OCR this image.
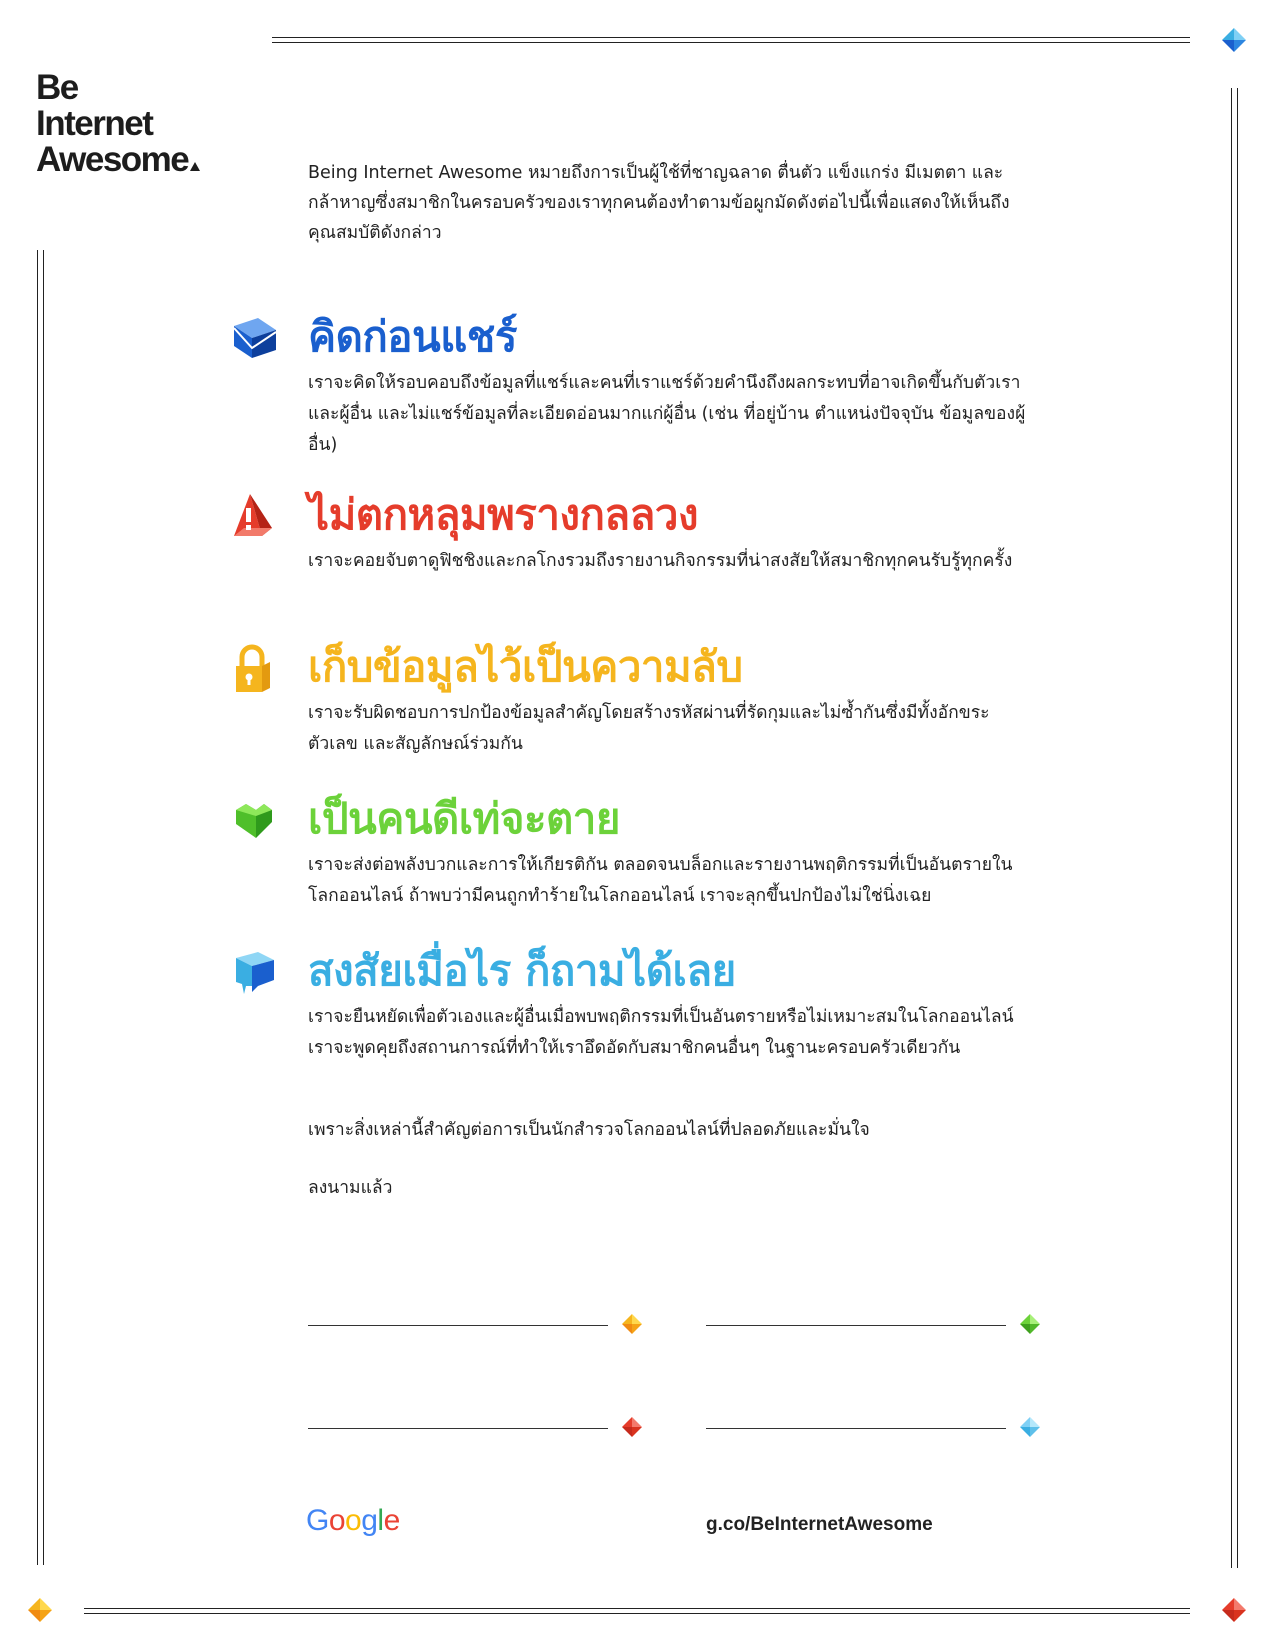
Be
Internet
Awesome	Being Internet Awesome หมายถึงการเป็นผู้ใช้ที่ชาญฉลาด ตื่นตัว แข็งแกร่ง มีเมตตา และกล้าหาญซึ่งสมาชิกในครอบครัวของเราทุกคนต้องทำตามข้อผูกมัดดังต่อไปนี้เพื่อแสดงให้เห็นถึงคุณสมบัติดังกล่าว

คิดก่อนแชร์

เราจะคิดให้รอบคอบถึงข้อมูลที่แชร์และคนที่เราแชร์ด้วยคำนึงถึงผลกระทบที่อาจเกิดขึ้นกับตัวเราและผู้อื่น และไม่แชร์ข้อมูลที่ละเอียดอ่อนมากแก่ผู้อื่น (เช่น ที่อยู่บ้าน ตำแหน่งปัจจุบัน ข้อมูลของผู้อื่น)

ไม่ตกหลุมพรางกลลวง

เราจะคอยจับตาดูฟิชชิงและกลโกงรวมถึงรายงานกิจกรรมที่น่าสงสัยให้สมาชิกทุกคนรับรู้ทุกครั้ง

เก็บข้อมูลไว้เป็นความลับ

เราจะรับผิดชอบการปกป้องข้อมูลสำคัญโดยสร้างรหัสผ่านที่รัดกุมและไม่ซ้ำกันซึ่งมีทั้งอักขระตัวเลข และสัญลักษณ์ร่วมกัน

เป็นคนดีเท่จะตาย

เราจะส่งต่อพลังบวกและการให้เกียรติกัน ตลอดจนบล็อกและรายงานพฤติกรรมที่เป็นอันตรายในโลกออนไลน์ ถ้าพบว่ามีคนถูกทำร้ายในโลกออนไลน์ เราจะลุกขึ้นปกป้องไม่ใช่นิ่งเฉย

สงสัยเมื่อไร ก็ถามได้เลย

เราจะยืนหยัดเพื่อตัวเองและผู้อื่นเมื่อพบพฤติกรรมที่เป็นอันตรายหรือไม่เหมาะสมในโลกออนไลน์ เราจะพูดคุยถึงสถานการณ์ที่ทำให้เราอึดอัดกับสมาชิกคนอื่นๆ ในฐานะครอบครัวเดียวกัน

เพราะสิ่งเหล่านี้สำคัญต่อการเป็นนักสำรวจโลกออนไลน์ที่ปลอดภัยและมั่นใจ

ลงนามแล้ว

Google	g.co/BeInternetAwesome
